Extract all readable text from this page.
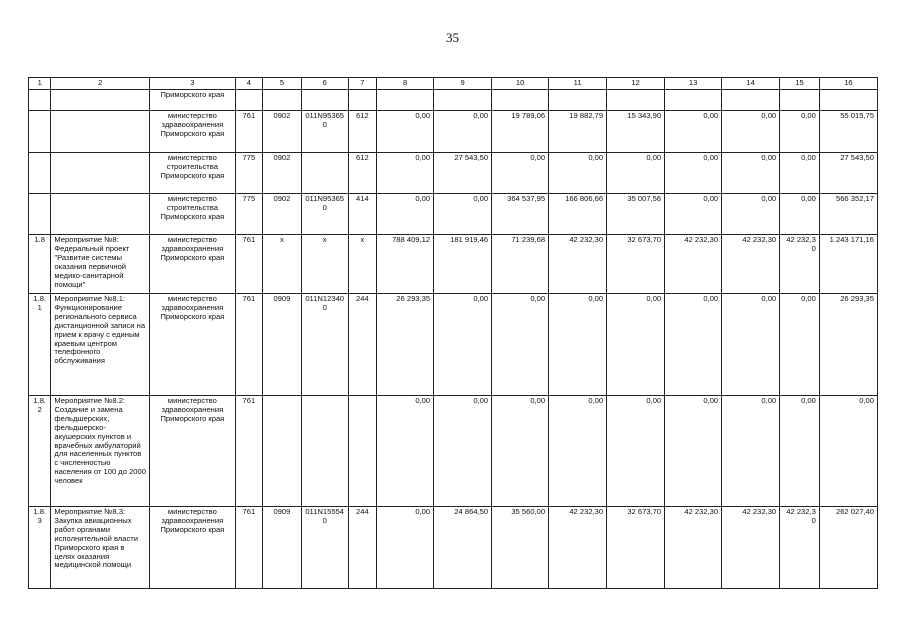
35
1	2	3	4	5	6	7	8	9	10	11	12	13	14	15	16
		Приморского края													
		министерство здравоохранения Приморского края	761	0902	011N953650	612	0,00	0,00	19 789,06	19 882,79	15 343,90	0,00	0,00	0,00	55 015,75
		министерство строительства Приморского края	775	0902		612	0,00	27 543,50	0,00	0,00	0,00	0,00	0,00	0,00	27 543,50
		министерство строительства Приморского края	775	0902	011N953650	414	0,00	0,00	364 537,95	166 806,66	35 007,56	0,00	0,00	0,00	566 352,17
1.8	Мероприятие №8: Федеральный проект "Развитие системы оказания первичной медико-санитарной помощи"	министерство здравоохранения Приморского края	761	x	x	x	788 409,12	181 919,46	71 239,68	42 232,30	32 673,70	42 232,30	42 232,30	42 232,30	1 243 171,16
1.8.1	Мероприятие №8.1: Функционирование регионального сервиса дистанционной записи на прием к врачу с единым краевым центром телефонного обслуживания	министерство здравоохранения Приморского края	761	0909	011N123400	244	26 293,35	0,00	0,00	0,00	0,00	0,00	0,00	0,00	26 293,35
1.8.2	Мероприятие №8.2: Создание и замена фельдшерских, фельдшерско-акушерских пунктов и врачебных амбулаторий для населенных пунктов с численностью населения от 100 до 2000 человек	министерство здравоохранения Приморского края	761				0,00	0,00	0,00	0,00	0,00	0,00	0,00	0,00	0,00
1.8.3	Мероприятие №8.3: Закупка авиационных работ органами исполнительной власти Приморского края в целях оказания медицинской помощи	министерство здравоохранения Приморского края	761	0909	011N155540	244	0,00	24 864,50	35 560,00	42 232,30	32 673,70	42 232,30	42 232,30	42 232,30	262 027,40
